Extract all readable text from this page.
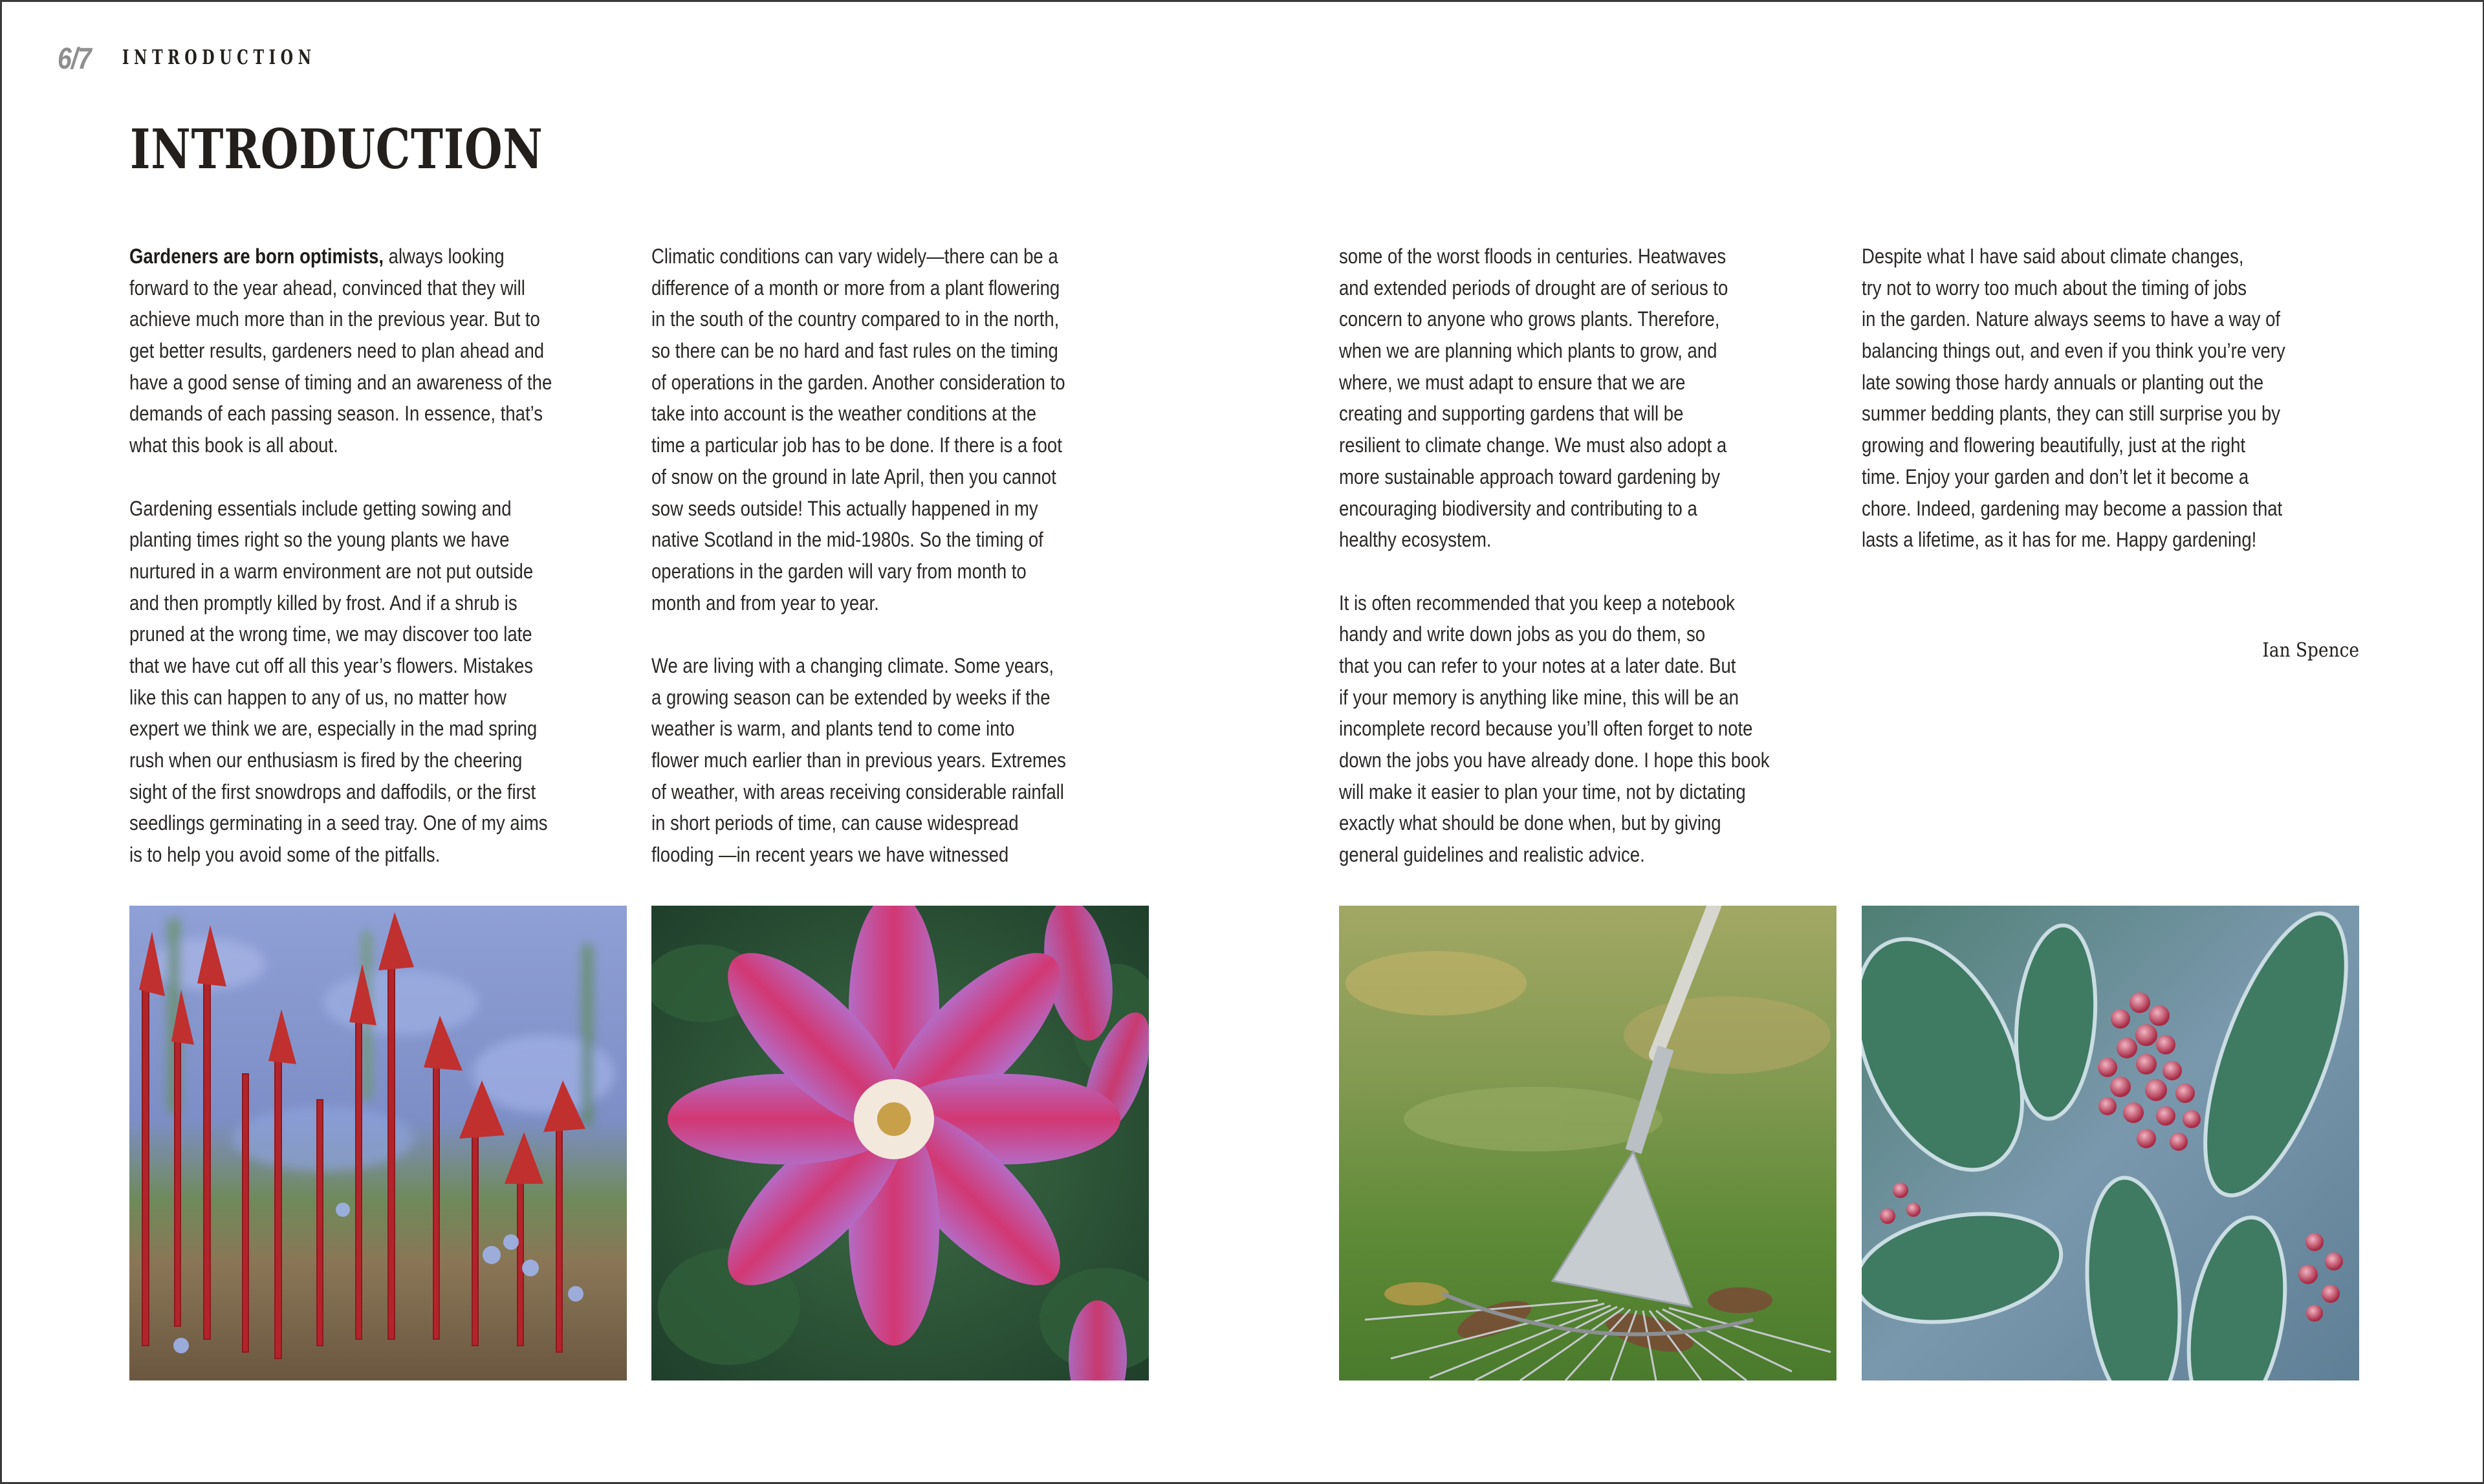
6/7 INTRODUCTION
INTRODUCTION
Gardeners are born optimists, always looking
forward to the year ahead, convinced that they will
achieve much more than in the previous year. But to
get better results, gardeners need to plan ahead and
have a good sense of timing and an awareness of the
demands of each passing season. In essence, that’s
what this book is all about.
Gardening essentials include getting sowing and
planting times right so the young plants we have
nurtured in a warm environment are not put outside
and then promptly killed by frost. And if a shrub is
pruned at the wrong time, we may discover too late
that we have cut off all this year’s flowers. Mistakes
like this can happen to any of us, no matter how
expert we think we are, especially in the mad spring
rush when our enthusiasm is fired by the cheering
sight of the first snowdrops and daffodils, or the first
seedlings germinating in a seed tray. One of my aims
is to help you avoid some of the pitfalls.
Climatic conditions can vary widely—there can be a
difference of a month or more from a plant flowering
in the south of the country compared to in the north,
so there can be no hard and fast rules on the timing
of operations in the garden. Another consideration to
take into account is the weather conditions at the
time a particular job has to be done. If there is a foot
of snow on the ground in late April, then you cannot
sow seeds outside! This actually happened in my
native Scotland in the mid-1980s. So the timing of
operations in the garden will vary from month to
month and from year to year.
We are living with a changing climate. Some years,
a growing season can be extended by weeks if the
weather is warm, and plants tend to come into
flower much earlier than in previous years. Extremes
of weather, with areas receiving considerable rainfall
in short periods of time, can cause widespread
flooding —in recent years we have witnessed
some of the worst floods in centuries. Heatwaves
and extended periods of drought are of serious to
concern to anyone who grows plants. Therefore,
when we are planning which plants to grow, and
where, we must adapt to ensure that we are
creating and supporting gardens that will be
resilient to climate change. We must also adopt a
more sustainable approach toward gardening by
encouraging biodiversity and contributing to a
healthy ecosystem.
It is often recommended that you keep a notebook
handy and write down jobs as you do them, so
that you can refer to your notes at a later date. But
if your memory is anything like mine, this will be an
incomplete record because you’ll often forget to note
down the jobs you have already done. I hope this book
will make it easier to plan your time, not by dictating
exactly what should be done when, but by giving
general guidelines and realistic advice.
Despite what I have said about climate changes,
try not to worry too much about the timing of jobs
in the garden. Nature always seems to have a way of
balancing things out, and even if you think you’re very
late sowing those hardy annuals or planting out the
summer bedding plants, they can still surprise you by
growing and flowering beautifully, just at the right
time. Enjoy your garden and don’t let it become a
chore. Indeed, gardening may become a passion that
lasts a lifetime, as it has for me. Happy gardening!
Ian Spence
